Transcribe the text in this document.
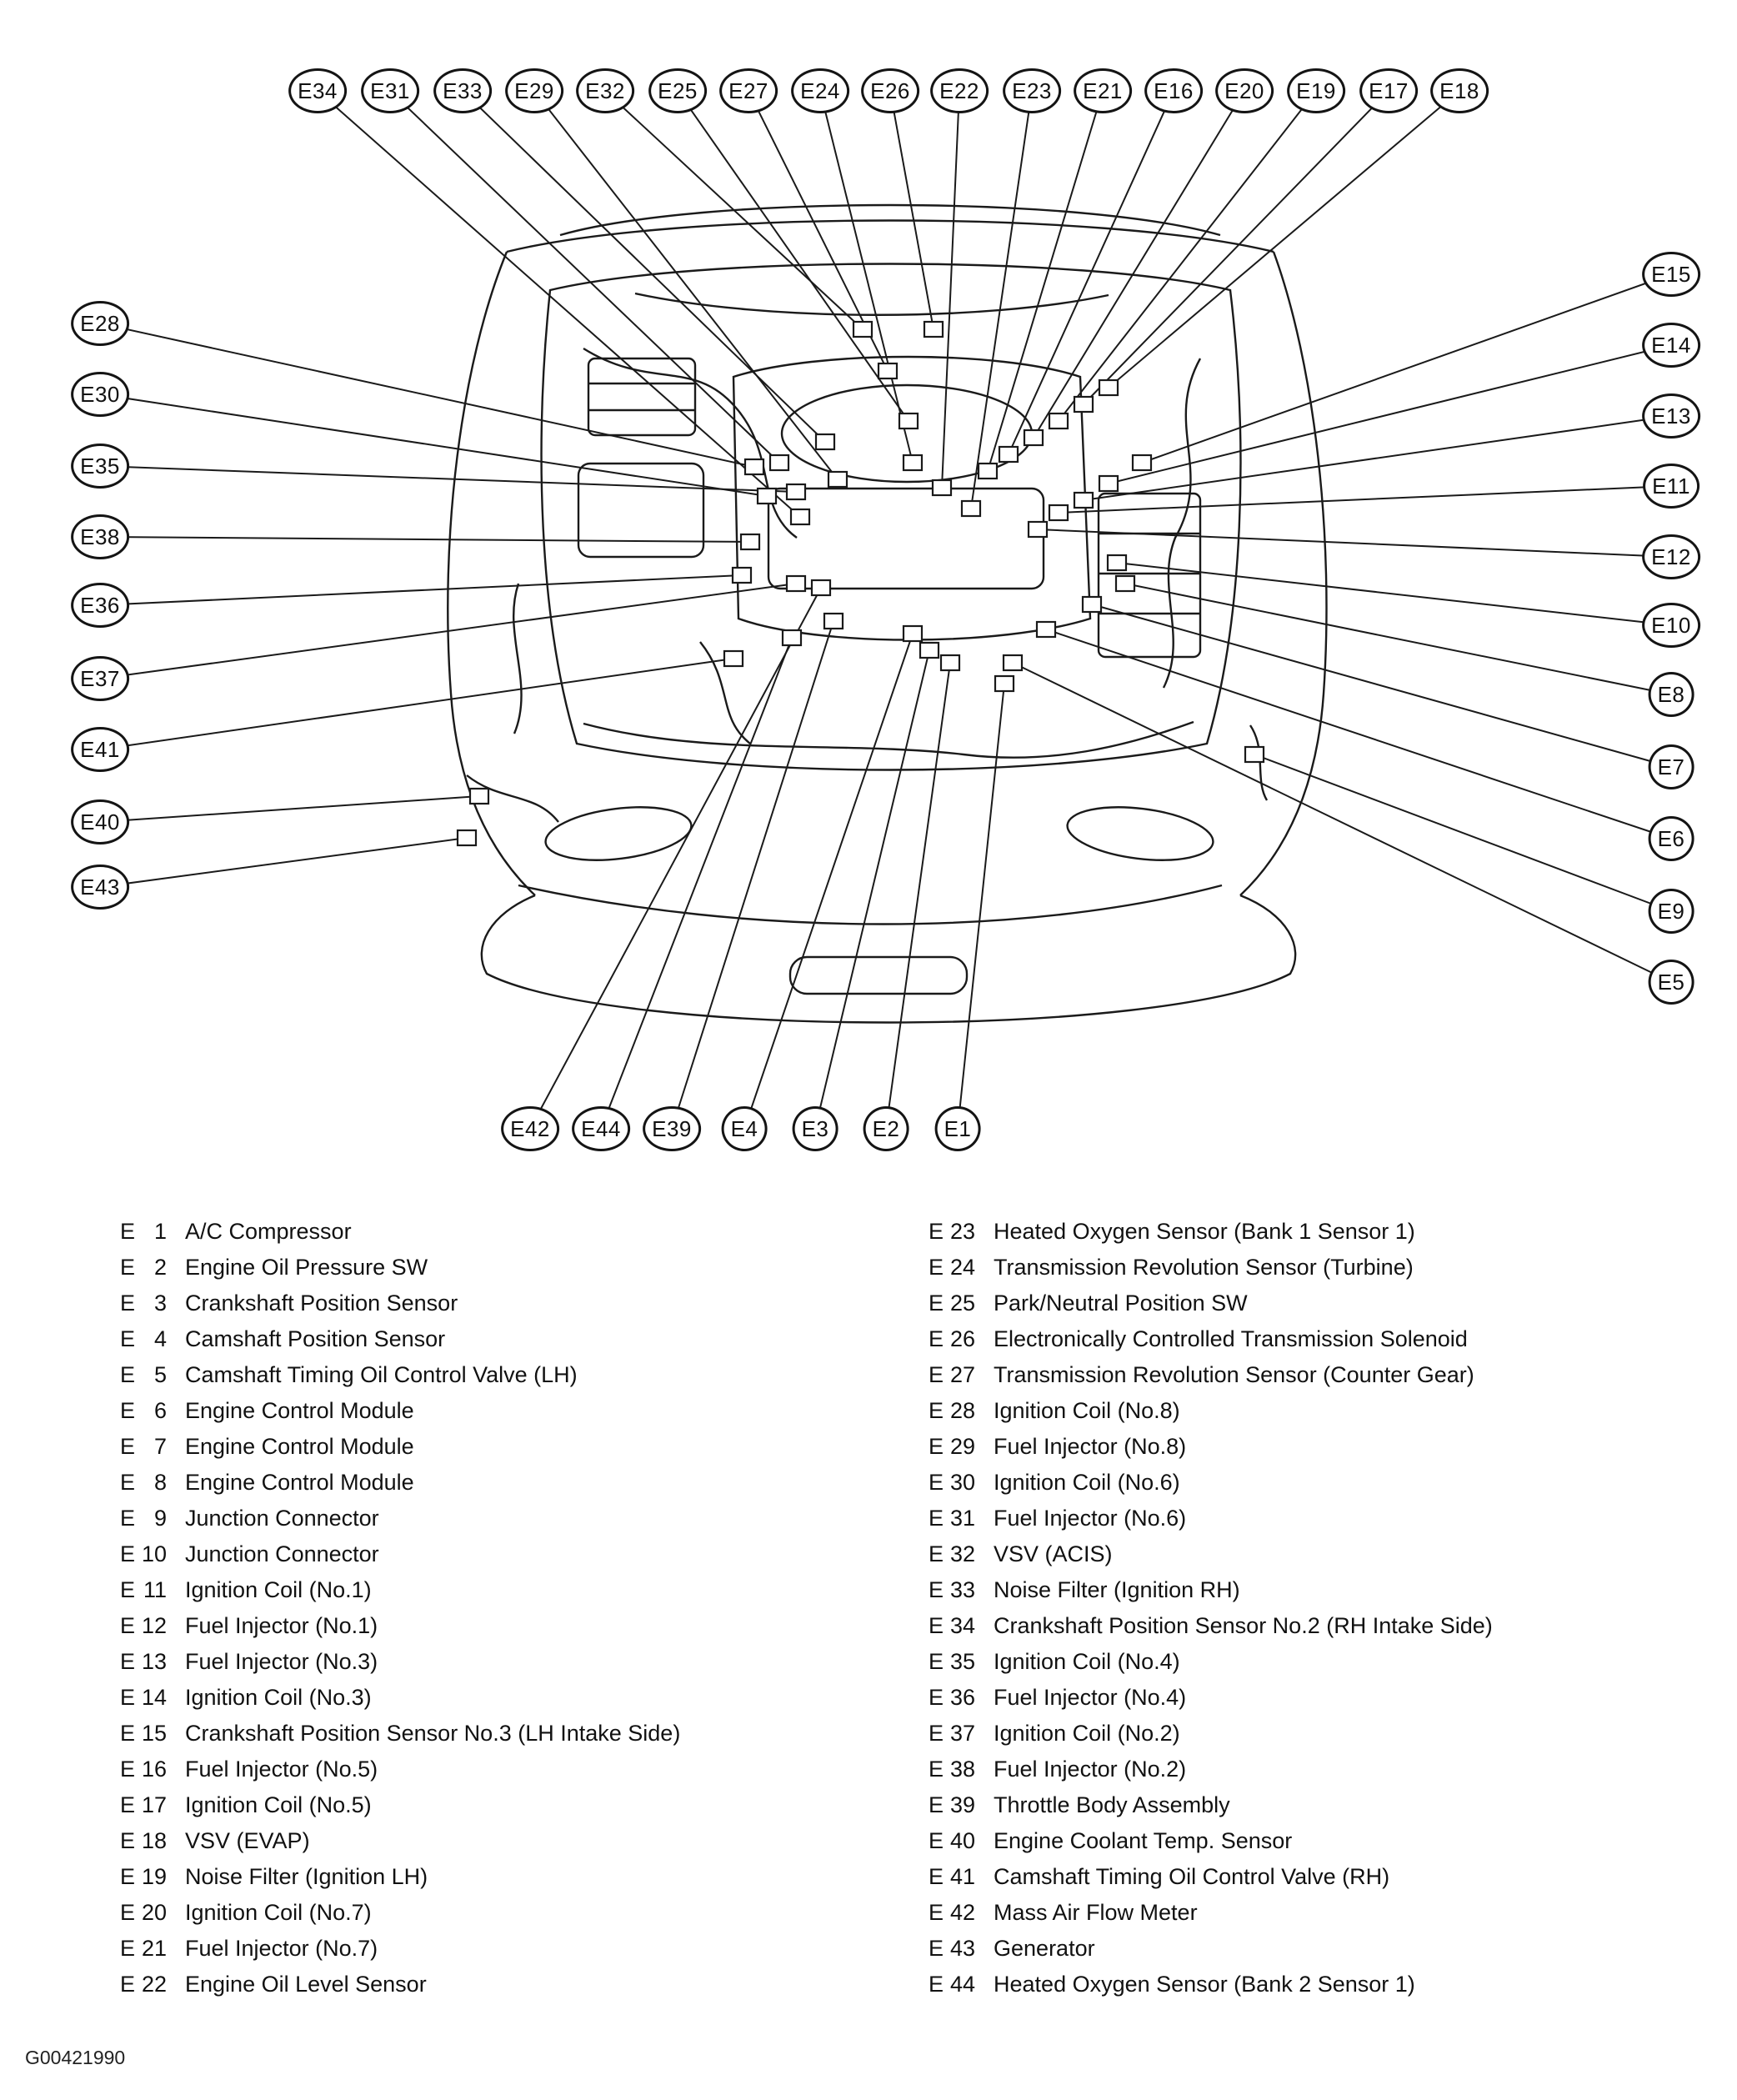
E 1 A/C Compressor
E 2 Engine Oil Pressure SW
E 3 Crankshaft Position Sensor
E 4 Camshaft Position Sensor
E 5 Camshaft Timing Oil Control Valve (LH)
E 6 Engine Control Module
E 7 Engine Control Module
E 8 Engine Control Module
E 9 Junction Connector
E 10 Junction Connector
E 11 Ignition Coil (No.1)
E 12 Fuel Injector (No.1)
E 13 Fuel Injector (No.3)
E 14 Ignition Coil (No.3)
E 15 Crankshaft Position Sensor No.3 (LH Intake Side)
E 16 Fuel Injector (No.5)
E 17 Ignition Coil (No.5)
E 18 VSV (EVAP)
E 19 Noise Filter (Ignition LH)
E 20 Ignition Coil (No.7)
E 21 Fuel Injector (No.7)
E 22 Engine Oil Level Sensor
E 23 Heated Oxygen Sensor (Bank 1 Sensor 1)
E 24 Transmission Revolution Sensor (Turbine)
E 25 Park/Neutral Position SW
E 26 Electronically Controlled Transmission Solenoid
E 27 Transmission Revolution Sensor (Counter Gear)
E 28 Ignition Coil (No.8)
E 29 Fuel Injector (No.8)
E 30 Ignition Coil (No.6)
E 31 Fuel Injector (No.6)
E 32 VSV (ACIS)
E 33 Noise Filter (Ignition RH)
E 34 Crankshaft Position Sensor No.2 (RH Intake Side)
E 35 Ignition Coil (No.4)
E 36 Fuel Injector (No.4)
E 37 Ignition Coil (No.2)
E 38 Fuel Injector (No.2)
E 39 Throttle Body Assembly
E 40 Engine Coolant Temp. Sensor
E 41 Camshaft Timing Oil Control Valve (RH)
E 42 Mass Air Flow Meter
E 43 Generator
E 44 Heated Oxygen Sensor (Bank 2 Sensor 1)
G00421990
E34	E31	E33	E29	E32	E25	E27	E24	E26	E22	E23	E21	E16	E20	E19	E17	E18
E28
E30
E35
E38
E36
E37
E41
E40
E43
E15
E14
E13
E11
E12
E10
E8
E7
E6
E9
E5
E42	E44	E39	E4	E3	E2	E1
